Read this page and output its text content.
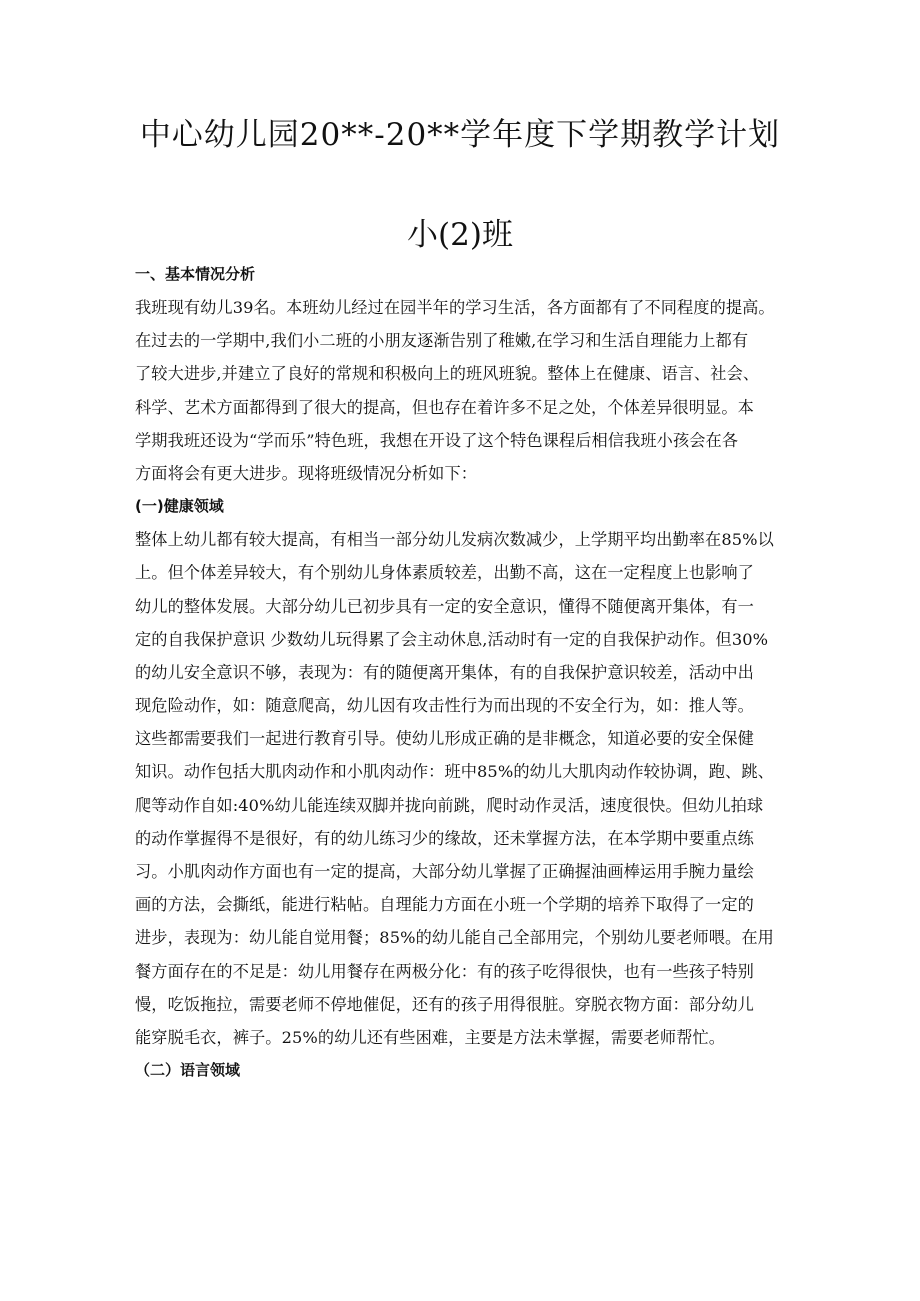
中心幼儿园20**-20**学年度下学期教学计划
小(2)班
一、基本情况分析
我班现有幼儿39名。本班幼儿经过在园半年的学习生活，各方面都有了不同程度的提高。
在过去的一学期中,我们小二班的小朋友逐渐告别了稚嫩,在学习和生活自理能力上都有
了较大进步,并建立了良好的常规和积极向上的班风班貌。整体上在健康、语言、社会、
科学、艺术方面都得到了很大的提高，但也存在着许多不足之处，个体差异很明显。本
学期我班还设为“学而乐”特色班，我想在开设了这个特色课程后相信我班小孩会在各
方面将会有更大进步。现将班级情况分析如下：
(一)健康领域
整体上幼儿都有较大提高，有相当一部分幼儿发病次数减少，上学期平均出勤率在85%以
上。但个体差异较大，有个别幼儿身体素质较差，出勤不高，这在一定程度上也影响了
幼儿的整体发展。大部分幼儿已初步具有一定的安全意识，懂得不随便离开集体，有一
定的自我保护意识 少数幼儿玩得累了会主动休息,活动时有一定的自我保护动作。但30%
的幼儿安全意识不够，表现为：有的随便离开集体，有的自我保护意识较差，活动中出
现危险动作，如：随意爬高，幼儿因有攻击性行为而出现的不安全行为，如：推人等。
这些都需要我们一起进行教育引导。使幼儿形成正确的是非概念，知道必要的安全保健
知识。动作包括大肌肉动作和小肌肉动作：班中85%的幼儿大肌肉动作较协调，跑、跳、
爬等动作自如:40%幼儿能连续双脚并拢向前跳，爬时动作灵活，速度很快。但幼儿拍球
的动作掌握得不是很好，有的幼儿练习少的缘故，还未掌握方法，在本学期中要重点练
习。小肌肉动作方面也有一定的提高，大部分幼儿掌握了正确握油画棒运用手腕力量绘
画的方法，会撕纸，能进行粘帖。自理能力方面在小班一个学期的培养下取得了一定的
进步，表现为：幼儿能自觉用餐；85%的幼儿能自己全部用完，个别幼儿要老师喂。在用
餐方面存在的不足是：幼儿用餐存在两极分化：有的孩子吃得很快，也有一些孩子特别
慢，吃饭拖拉，需要老师不停地催促，还有的孩子用得很脏。穿脱衣物方面：部分幼儿
能穿脱毛衣，裤子。25%的幼儿还有些困难，主要是方法未掌握，需要老师帮忙。
（二）语言领域
